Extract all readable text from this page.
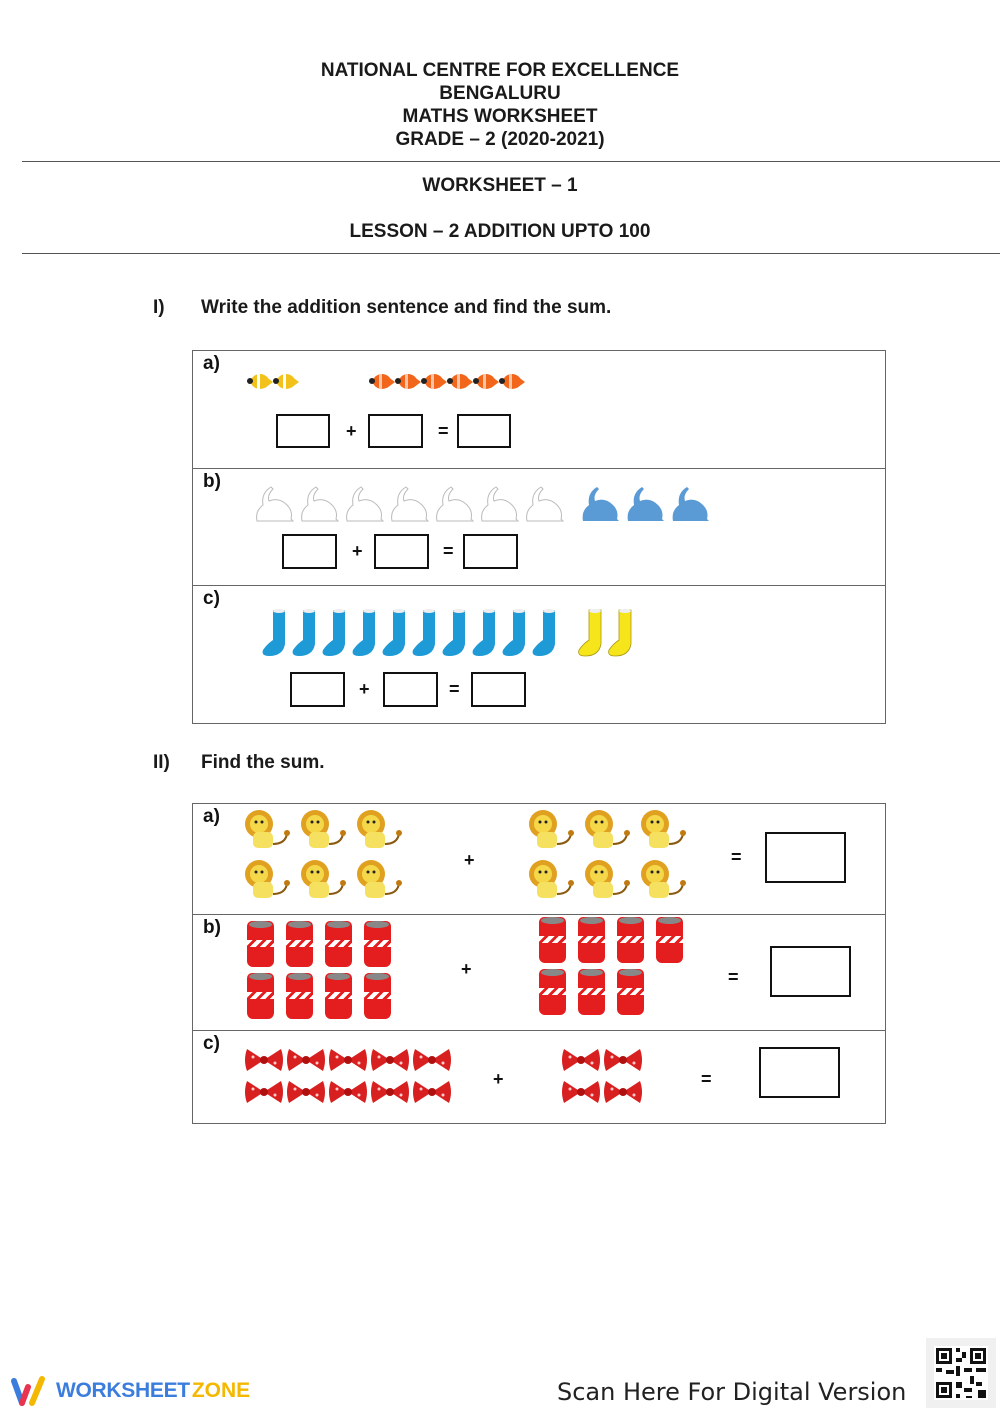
NATIONAL CENTRE FOR EXCELLENCE
BENGALURU
MATHS WORKSHEET
GRADE – 2 (2020-2021)
WORKSHEET – 1
LESSON – 2 ADDITION UPTO 100
I) Write the addition sentence and find the sum.
a)
+	=
b)
+	=
c)
+	=
II) Find the sum.
a)
+	=
b)
+	=
c)
+	=
WORKSHEET ZONE	Scan Here For Digital Version
